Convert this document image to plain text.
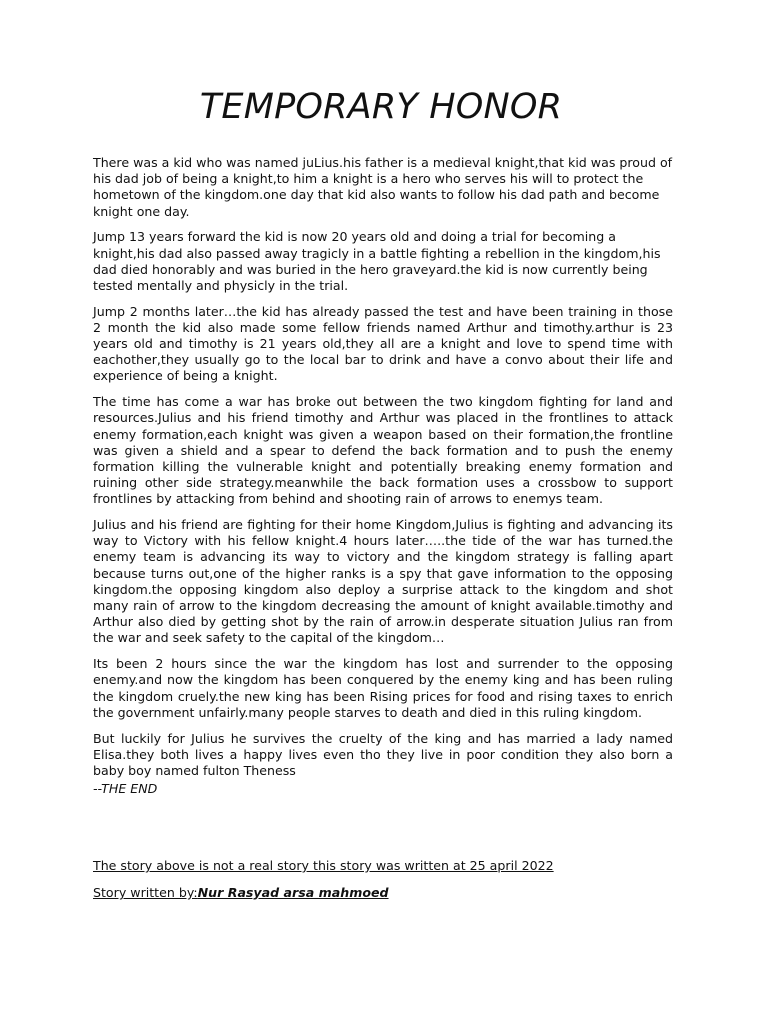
TEMPORARY HONOR

There was a kid who was named juLius.his father is a medieval knight,that kid was proud of his dad job of being a knight,to him a knight is a hero who serves his will to protect the hometown of the kingdom.one day that kid also wants to follow his dad path and become knight one day.

Jump 13 years forward the kid is now 20 years old and doing a trial for becoming a knight,his dad also passed away tragicly in a battle fighting a rebellion in the kingdom,his dad died honorably and was buried in the hero graveyard.the kid is now currently being tested mentally and physicly in the trial.

Jump 2 months later…the kid has already passed the test and have been training in those 2 month the kid also made some fellow friends named Arthur and timothy.arthur is 23 years old and timothy is 21 years old,they all are a knight and love to spend time with eachother,they usually go to the local bar to drink and have a convo about their life and experience of being a knight.

The time has come a war has broke out between the two kingdom fighting for land and resources.Julius and his friend timothy and Arthur was placed in the frontlines to attack enemy formation,each knight was given a weapon based on their formation,the frontline was given a shield and a spear to defend the back formation and to push the enemy formation killing the vulnerable knight and potentially breaking enemy formation and ruining other side strategy.meanwhile the back formation uses a crossbow to support frontlines by attacking from behind and shooting rain of arrows to enemys team.

Julius and his friend are fighting for their home Kingdom,Julius is fighting and advancing its way to Victory with his fellow knight.4 hours later…..the tide of the war has turned.the enemy team is advancing its way to victory and the kingdom strategy is falling apart because turns out,one of the higher ranks is a spy that gave information to the opposing kingdom.the opposing kingdom also deploy a surprise attack to the kingdom and shot many rain of arrow to the kingdom decreasing the amount of knight available.timothy and Arthur also died by getting shot by the rain of arrow.in desperate situation Julius ran from the war and seek safety to the capital of the kingdom…

Its been 2 hours since the war the kingdom has lost and surrender to the opposing enemy.and now the kingdom has been conquered by the enemy king and has been ruling the kingdom cruely.the new king has been Rising prices for food and rising taxes to enrich the government unfairly.many people starves to death and died in this ruling kingdom.

But luckily for Julius he survives the cruelty of the king and has married a lady named Elisa.they both lives a happy lives even tho they live in poor condition they also born a baby boy named fulton Theness

--THE END
The story above is not a real story this story was written at 25 april 2022
Story written by:Nur Rasyad arsa mahmoed
